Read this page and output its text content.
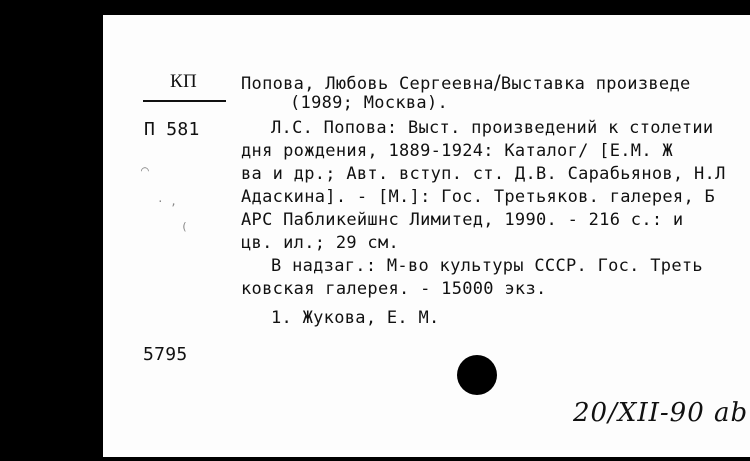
КП
П 581
⌒
· ,
(
5795
Попова, Любовь Сергеевна/Выставка произведе
(1989; Москва).
Л.С. Попова: Выст. произведений к столетии
дня рождения, 1889-1924: Каталог/ [Е.М. Ж
ва и др.; Авт. вступ. ст. Д.В. Сарабьянов, Н.Л
Адаскина]. - [М.]: Гос. Третьяков. галерея, Б
АРС Пабликейшнс Лимитед, 1990. - 216 с.: и
цв. ил.; 29 см.
В надзаг.: М-во культуры СССР. Гос. Треть
ковская галерея. - 15000 экз.
1. Жукова, Е. М.
20/XII-90 ab
